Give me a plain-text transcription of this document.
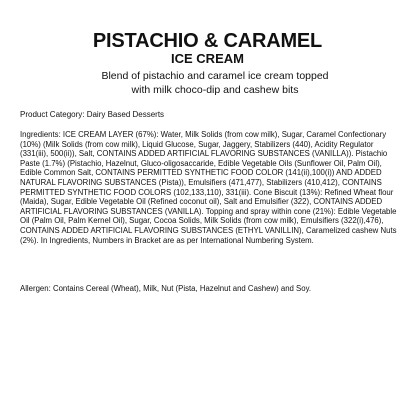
PISTACHIO & CARAMEL
ICE CREAM

Blend of pistachio and caramel ice cream topped with milk choco-dip and cashew bits

Product Category: Dairy Based Desserts

Ingredients: ICE CREAM LAYER (67%): Water, Milk Solids (from cow milk), Sugar, Caramel Confectionary (10%) (Milk Solids (from cow milk), Liquid Glucose, Sugar, Jaggery, Stabilizers (440), Acidity Regulator (331(iii), 500(ii)), Salt, CONTAINS ADDED ARTIFICIAL FLAVORING SUBSTANCES (VANILLA)). Pistachio Paste (1.7%) (Pistachio, Hazelnut, Gluco-oligosaccaride, Edible Vegetable Oils (Sunflower Oil, Palm Oil), Edible Common Salt, CONTAINS PERMITTED SYNTHETIC FOOD COLOR (141(ii),100(i)) AND ADDED NATURAL FLAVORING SUBSTANCES (Pista)), Emulsifiers (471,477), Stabilizers (410,412), CONTAINS PERMITTED SYNTHETIC FOOD COLORS (102,133,110), 331(iii). Cone Biscuit (13%): Refined Wheat flour (Maida), Sugar, Edible Vegetable Oil (Refined coconut oil), Salt and Emulsifier (322), CONTAINS ADDED ARTIFICIAL FLAVORING SUBSTANCES (VANILLA). Topping and spray within cone (21%): Edible Vegetable Oil (Palm Oil, Palm Kernel Oil), Sugar, Cocoa Solids, Milk Solids (from cow milk), Emulsifiers (322(i),476), CONTAINS ADDED ARTIFICIAL FLAVORING SUBSTANCES (ETHYL VANILLIN), Caramelized cashew Nuts (2%). In Ingredients, Numbers in Bracket are as per International Numbering System.

Allergen: Contains Cereal (Wheat), Milk, Nut (Pista, Hazelnut and Cashew) and Soy.
